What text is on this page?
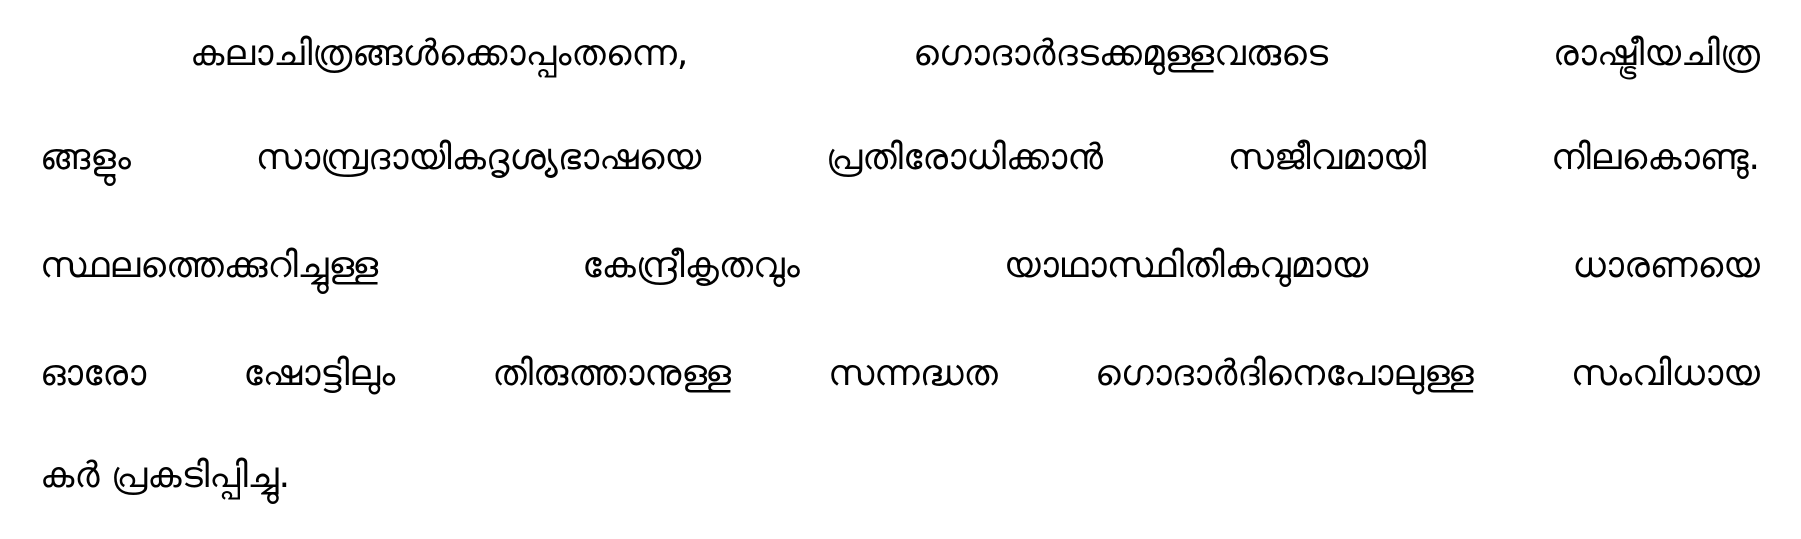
കലാചിത്രങ്ങൾക്കൊപ്പംതന്നെ,	ഗൊദാർദടക്കമുള്ളവരുടെ	രാഷ്ട്രീയചിത്ര
ങ്ങളും	സാമ്പ്രദായികദൃശ്യഭാഷയെ	പ്രതിരോധിക്കാൻ	സജീവമായി	നിലകൊണ്ടു.
സ്ഥലത്തെക്കുറിച്ചുള്ള	കേന്ദ്രീകൃതവും	യാഥാസ്ഥിതികവുമായ	ധാരണയെ
ഓരോ	ഷോട്ടിലും	തിരുത്താനുള്ള	സന്നദ്ധത	ഗൊദാർദിനെപോലുള്ള	സംവിധായ
കർ പ്രകടിപ്പിച്ചു.
